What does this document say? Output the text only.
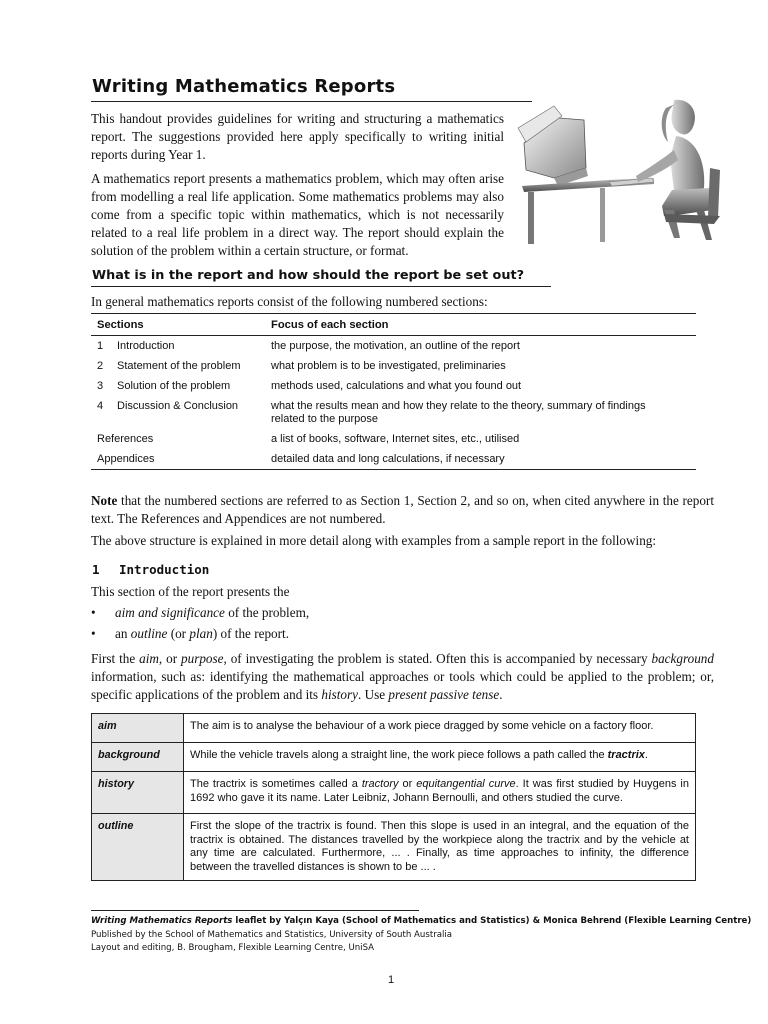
Writing Mathematics Reports

This handout provides guidelines for writing and structuring a mathematics report. The suggestions provided here apply specifically to writing initial reports during Year 1.

A mathematics report presents a mathematics problem, which may often arise from modelling a real life application. Some mathematics problems may also come from a specific topic within mathematics, which is not necessarily related to a real life problem in a direct way. The report should explain the solution of the problem within a certain structure, or format.

What is in the report and how should the report be set out?
In general mathematics reports consist of the following numbered sections:
Sections	Focus of each section
1 Introduction	the purpose, the motivation, an outline of the report
2 Statement of the problem	what problem is to be investigated, preliminaries
3 Solution of the problem	methods used, calculations and what you found out
4 Discussion & Conclusion	what the results mean and how they relate to the theory, summary of findings related to the purpose
References	a list of books, software, Internet sites, etc., utilised
Appendices	detailed data and long calculations, if necessary
Note that the numbered sections are referred to as Section 1, Section 2, and so on, when cited anywhere in the report text. The References and Appendices are not numbered.
The above structure is explained in more detail along with examples from a sample report in the following:
1 Introduction
This section of the report presents the
• aim and significance of the problem,
• an outline (or plan) of the report.
First the aim, or purpose, of investigating the problem is stated. Often this is accompanied by necessary background information, such as: identifying the mathematical approaches or tools which could be applied to the problem; or, specific applications of the problem and its history. Use present passive tense.
aim	The aim is to analyse the behaviour of a work piece dragged by some vehicle on a factory floor.
background	While the vehicle travels along a straight line, the work piece follows a path called the tractrix.
history	The tractrix is sometimes called a tractory or equitangential curve. It was first studied by Huygens in 1692 who gave it its name. Later Leibniz, Johann Bernoulli, and others studied the curve.
outline	First the slope of the tractrix is found. Then this slope is used in an integral, and the equation of the tractrix is obtained. The distances travelled by the workpiece along the tractrix and by the vehicle at any time are calculated. Furthermore, ... . Finally, as time approaches to infinity, the difference between the travelled distances is shown to be ... .
Writing Mathematics Reports leaflet by Yalçın Kaya (School of Mathematics and Statistics) & Monica Behrend (Flexible Learning Centre)
Published by the School of Mathematics and Statistics, University of South Australia
Layout and editing, B. Brougham, Flexible Learning Centre, UniSA
1
